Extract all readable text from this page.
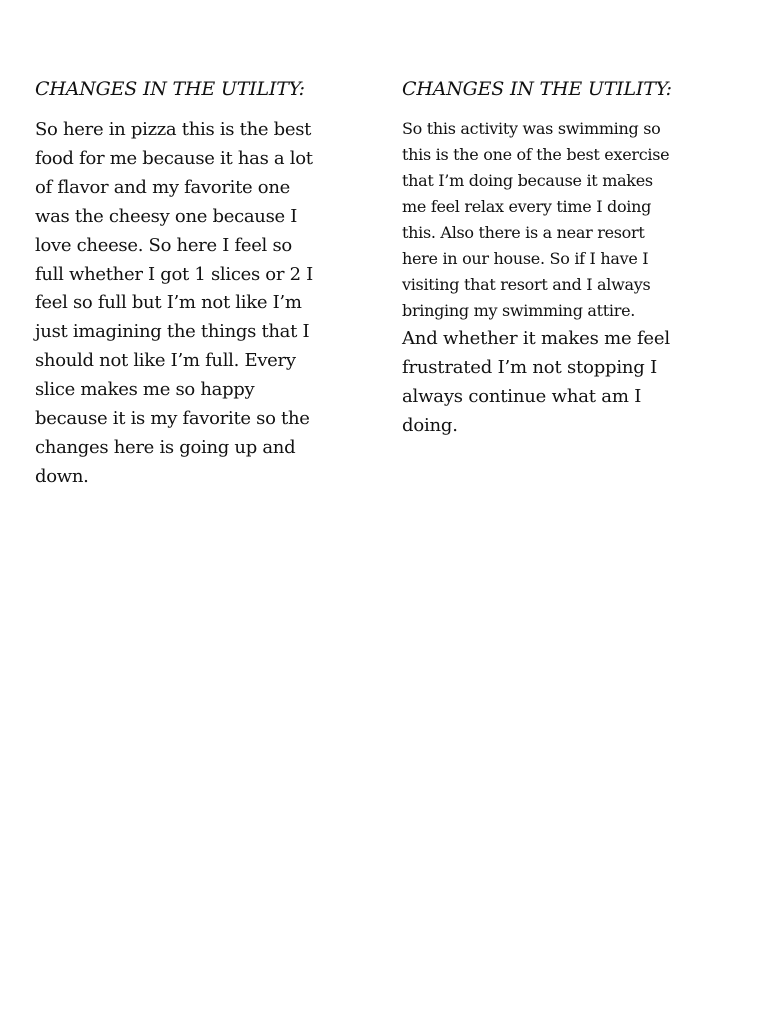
CHANGES IN THE UTILITY:

So here in pizza this is the best
food for me because it has a lot
of flavor and my favorite one
was the cheesy one because I
love cheese. So here I feel so
full whether I got 1 slices or 2 I
feel so full but I’m not like I’m
just imagining the things that I
should not like I’m full. Every
slice makes me so happy
because it is my favorite so the
changes here is going up and
down.

CHANGES IN THE UTILITY:

So this activity was swimming so
this is the one of the best exercise
that I’m doing because it makes
me feel relax every time I doing
this. Also there is a near resort
here in our house. So if I have I
visiting that resort and I always
bringing my swimming attire.

And whether it makes me feel
frustrated I’m not stopping I
always continue what am I
doing.
